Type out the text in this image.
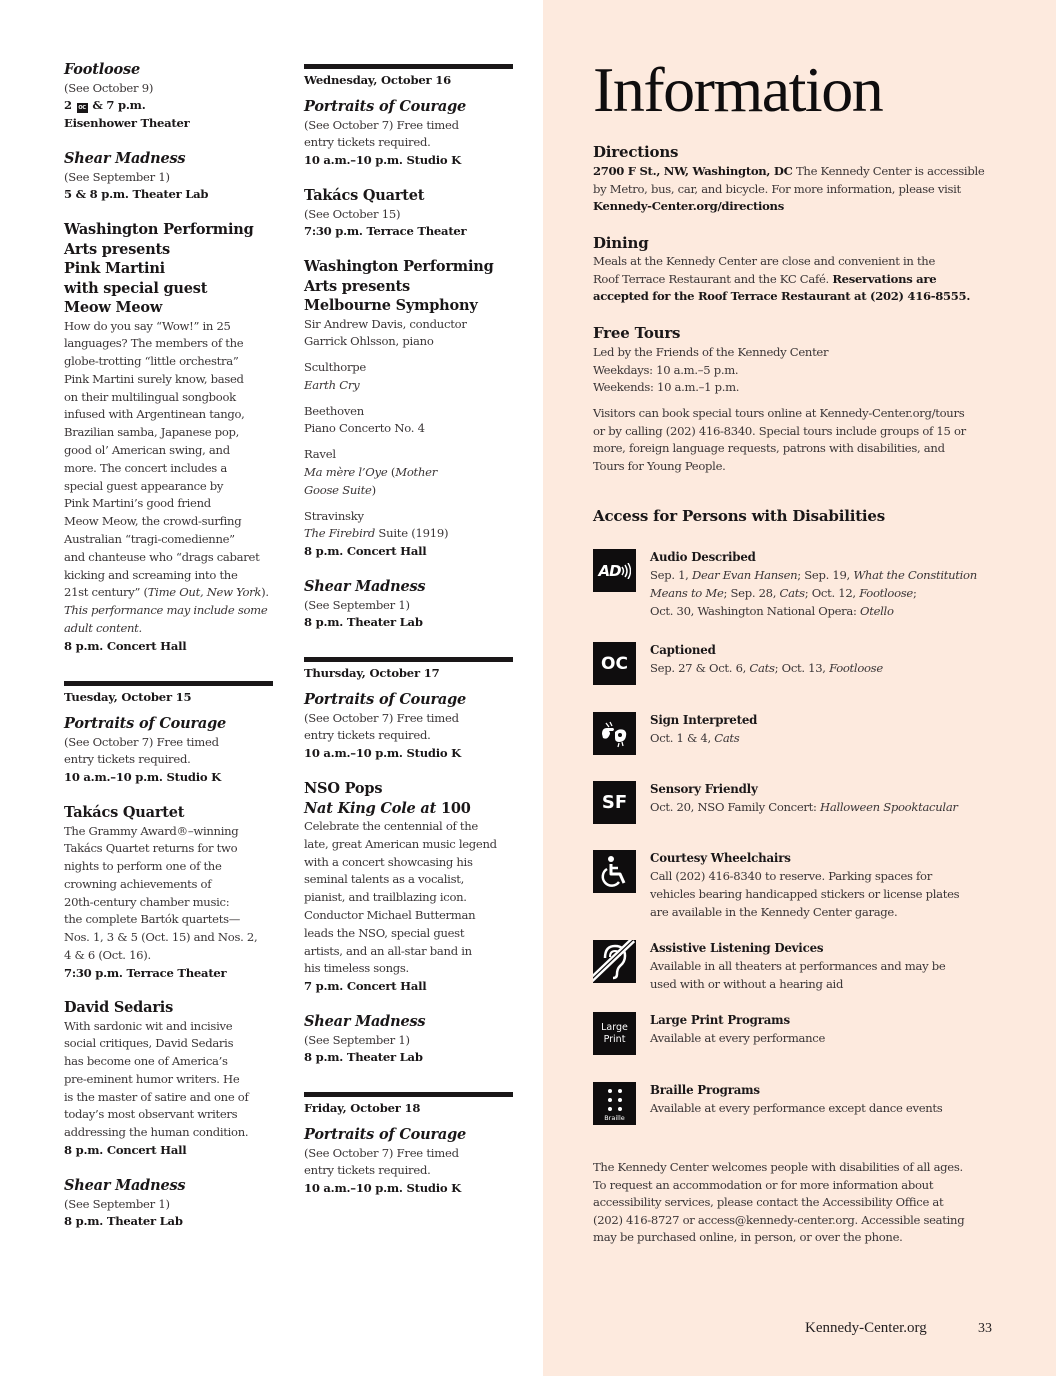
Footloose
(See October 9)
2 OC & 7 p.m.
Eisenhower Theater
Shear Madness
(See September 1)
5 & 8 p.m. Theater Lab
Washington Performing
Arts presents
Pink Martini
with special guest
Meow Meow
How do you say “Wow!” in 25
languages? The members of the
globe-trotting “little orchestra”
Pink Martini surely know, based
on their multilingual songbook
infused with Argentinean tango,
Brazilian samba, Japanese pop,
good ol’ American swing, and
more. The concert includes a
special guest appearance by
Pink Martini’s good friend
Meow Meow, the crowd-surfing
Australian “tragi-comedienne”
and chanteuse who “drags cabaret
kicking and screaming into the
21st century” (Time Out, New York).
This performance may include some
adult content.
8 p.m. Concert Hall
Tuesday, October 15
Portraits of Courage
(See October 7) Free timed
entry tickets required.
10 a.m.–10 p.m. Studio K
Takács Quartet
The Grammy Award®–winning
Takács Quartet returns for two
nights to perform one of the
crowning achievements of
20th-century chamber music:
the complete Bartók quartets—
Nos. 1, 3 & 5 (Oct. 15) and Nos. 2,
4 & 6 (Oct. 16).
7:30 p.m. Terrace Theater
David Sedaris
With sardonic wit and incisive
social critiques, David Sedaris
has become one of America’s
pre-eminent humor writers. He
is the master of satire and one of
today’s most observant writers
addressing the human condition.
8 p.m. Concert Hall
Shear Madness
(See September 1)
8 p.m. Theater Lab
Wednesday, October 16
Portraits of Courage
(See October 7) Free timed
entry tickets required.
10 a.m.–10 p.m. Studio K
Takács Quartet
(See October 15)
7:30 p.m. Terrace Theater
Washington Performing
Arts presents
Melbourne Symphony
Sir Andrew Davis, conductor
Garrick Ohlsson, piano
Sculthorpe
Earth Cry
Beethoven
Piano Concerto No. 4
Ravel
Ma mère l’Oye (Mother
Goose Suite)
Stravinsky
The Firebird Suite (1919)
8 p.m. Concert Hall
Shear Madness
(See September 1)
8 p.m. Theater Lab
Thursday, October 17
Portraits of Courage
(See October 7) Free timed
entry tickets required.
10 a.m.–10 p.m. Studio K
NSO Pops
Nat King Cole at 100
Celebrate the centennial of the
late, great American music legend
with a concert showcasing his
seminal talents as a vocalist,
pianist, and trailblazing icon.
Conductor Michael Butterman
leads the NSO, special guest
artists, and an all-star band in
his timeless songs.
7 p.m. Concert Hall
Shear Madness
(See September 1)
8 p.m. Theater Lab
Friday, October 18
Portraits of Courage
(See October 7) Free timed
entry tickets required.
10 a.m.–10 p.m. Studio K
Information
Directions
2700 F St., NW, Washington, DC The Kennedy Center is accessible
by Metro, bus, car, and bicycle. For more information, please visit
Kennedy-Center.org/directions
Dining
Meals at the Kennedy Center are close and convenient in the
Roof Terrace Restaurant and the KC Café. Reservations are
accepted for the Roof Terrace Restaurant at (202) 416-8555.
Free Tours
Led by the Friends of the Kennedy Center
Weekdays: 10 a.m.–5 p.m.
Weekends: 10 a.m.–1 p.m.
Visitors can book special tours online at Kennedy-Center.org/tours
or by calling (202) 416-8340. Special tours include groups of 15 or
more, foreign language requests, patrons with disabilities, and
Tours for Young People.
Access for Persons with Disabilities
AD
Audio Described
Sep. 1, Dear Evan Hansen; Sep. 19, What the Constitution
Means to Me; Sep. 28, Cats; Oct. 12, Footloose;
Oct. 30, Washington National Opera: Otello
OC
Captioned
Sep. 27 & Oct. 6, Cats; Oct. 13, Footloose
Sign Interpreted
Oct. 1 & 4, Cats
SF
Sensory Friendly
Oct. 20, NSO Family Concert: Halloween Spooktacular
Courtesy Wheelchairs
Call (202) 416-8340 to reserve. Parking spaces for
vehicles bearing handicapped stickers or license plates
are available in the Kennedy Center garage.
Assistive Listening Devices
Available in all theaters at performances and may be
used with or without a hearing aid
Large
Print
Large Print Programs
Available at every performance
Braille
Braille Programs
Available at every performance except dance events
The Kennedy Center welcomes people with disabilities of all ages.
To request an accommodation or for more information about
accessibility services, please contact the Accessibility Office at
(202) 416-8727 or access@kennedy-center.org. Accessible seating
may be purchased online, in person, or over the phone.
Kennedy-Center.org	33
